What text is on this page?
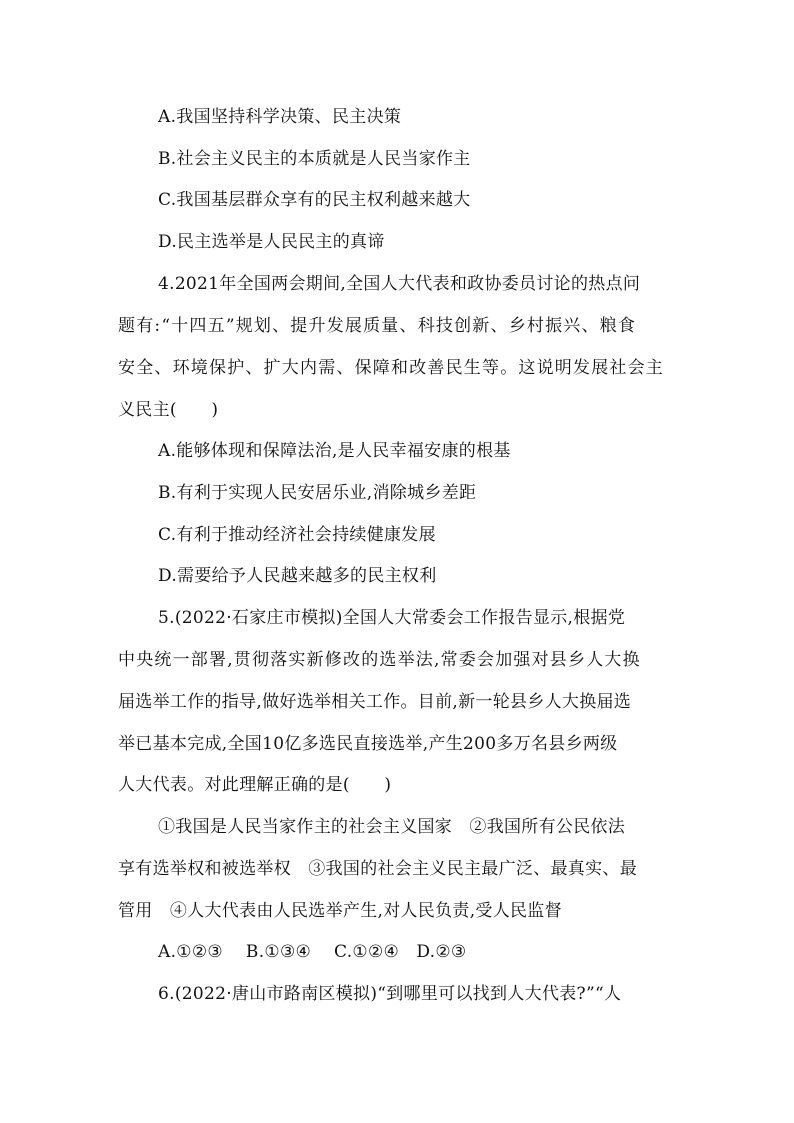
A.我国坚持科学决策、民主决策
B.社会主义民主的本质就是人民当家作主
C.我国基层群众享有的民主权利越来越大
D.民主选举是人民民主的真谛
4.2021年全国两会期间,全国人大代表和政协委员讨论的热点问
题有:“十四五”规划、提升发展质量、科技创新、乡村振兴、粮食
安全、环境保护、扩大内需、保障和改善民生等。这说明发展社会主
义民主(　　)
A.能够体现和保障法治,是人民幸福安康的根基
B.有利于实现人民安居乐业,消除城乡差距
C.有利于推动经济社会持续健康发展
D.需要给予人民越来越多的民主权利
5.(2022·石家庄市模拟)全国人大常委会工作报告显示,根据党
中央统一部署,贯彻落实新修改的选举法,常委会加强对县乡人大换
届选举工作的指导,做好选举相关工作。目前,新一轮县乡人大换届选
举已基本完成,全国10亿多选民直接选举,产生200多万名县乡两级
人大代表。对此理解正确的是(　　)
①我国是人民当家作主的社会主义国家　②我国所有公民依法
享有选举权和被选举权　③我国的社会主义民主最广泛、最真实、最
管用　④人大代表由人民选举产生,对人民负责,受人民监督
A.①②③　 B.①③④　 C.①②④　D.②③
6.(2022·唐山市路南区模拟)“到哪里可以找到人大代表?”“人
